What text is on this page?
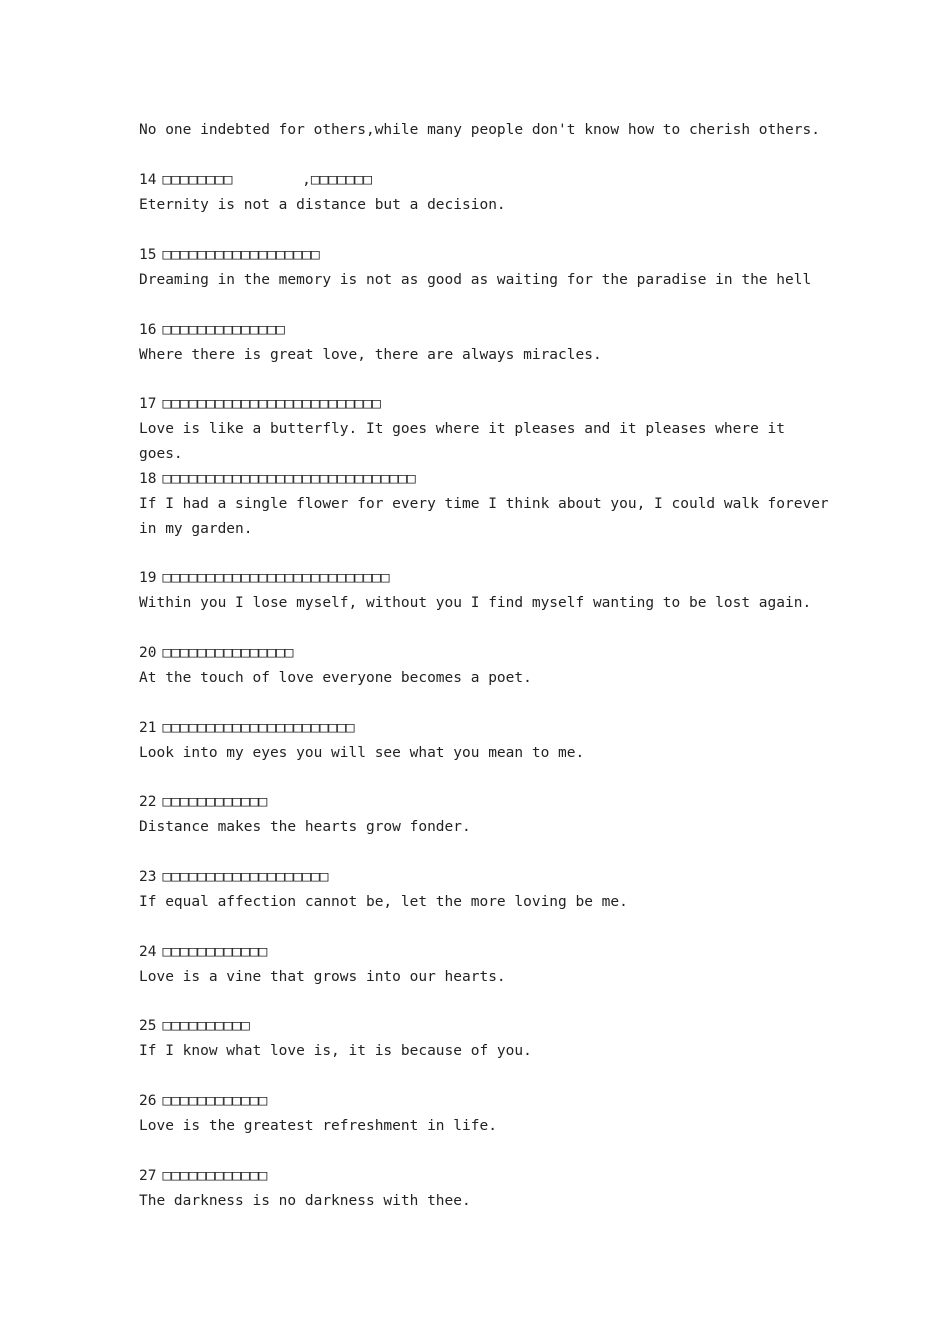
No one indebted for others,while many people don't know how to cherish others.

14 □□□□□□□□        ,□□□□□□□
Eternity is not a distance but a decision.
15 □□□□□□□□□□□□□□□□□□
Dreaming in the memory is not as good as waiting for the paradise in the hell
16 □□□□□□□□□□□□□□
Where there is great love, there are always miracles.
17 □□□□□□□□□□□□□□□□□□□□□□□□□
Love is like a butterfly. It goes where it pleases and it pleases where it goes.
18 □□□□□□□□□□□□□□□□□□□□□□□□□□□□□
If I had a single flower for every time I think about you, I could walk forever in my garden.
19 □□□□□□□□□□□□□□□□□□□□□□□□□□
Within you I lose myself, without you I find myself wanting to be lost again.
20 □□□□□□□□□□□□□□□
At the touch of love everyone becomes a poet.
21 □□□□□□□□□□□□□□□□□□□□□□
Look into my eyes you will see what you mean to me.
22 □□□□□□□□□□□□
Distance makes the hearts grow fonder.
23 □□□□□□□□□□□□□□□□□□□
If equal affection cannot be, let the more loving be me.
24 □□□□□□□□□□□□
Love is a vine that grows into our hearts.
25 □□□□□□□□□□
If I know what love is, it is because of you.
26 □□□□□□□□□□□□
Love is the greatest refreshment in life.
27 □□□□□□□□□□□□
The darkness is no darkness with thee.
